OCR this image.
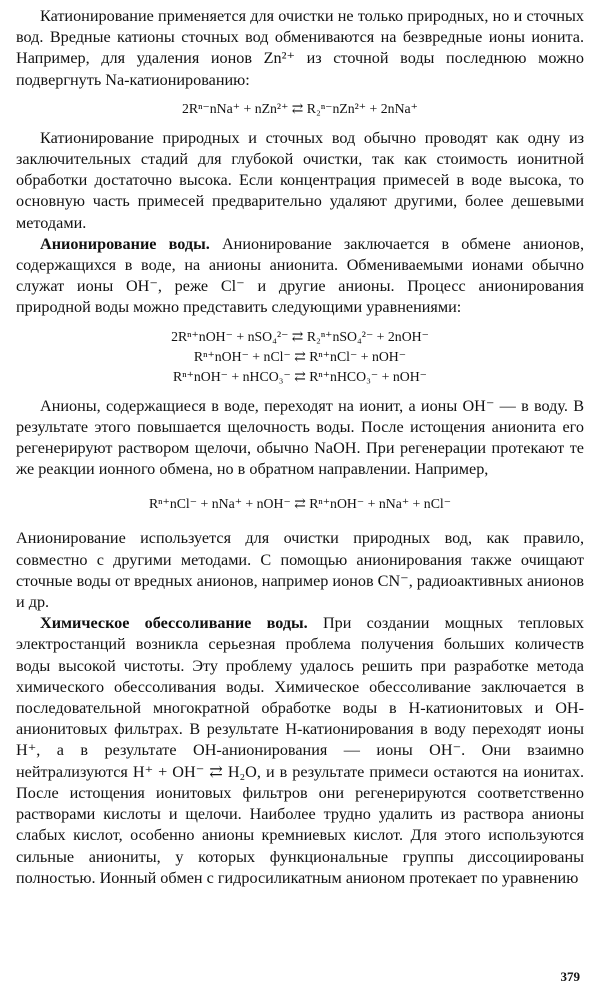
Катионирование применяется для очистки не только природных, но и сточных вод. Вредные катионы сточных вод обмениваются на безвредные ионы ионита. Например, для удаления ионов Zn²⁺ из сточной воды последнюю можно подвергнуть Na-катионированию:

2Rⁿ⁻nNa⁺ + nZn²⁺ ⇄ R₂ⁿ⁻nZn²⁺ + 2nNa⁺

Катионирование природных и сточных вод обычно проводят как одну из заключительных стадий для глубокой очистки, так как стоимость ионитной обработки достаточно высока. Если концентрация примесей в воде высока, то основную часть примесей предварительно удаляют другими, более дешевыми методами.

Анионирование воды. Анионирование заключается в обмене анионов, содержащихся в воде, на анионы анионита. Обмениваемыми ионами обычно служат ионы OH⁻, реже Cl⁻ и другие анионы. Процесс анионирования природной воды можно представить следующими уравнениями:

2Rⁿ⁺nOH⁻ + nSO₄²⁻ ⇄ R₂ⁿ⁺nSO₄²⁻ + 2nOH⁻

Rⁿ⁺nOH⁻ + nCl⁻ ⇄ Rⁿ⁺nCl⁻ + nOH⁻

Rⁿ⁺nOH⁻ + nHCO₃⁻ ⇄ Rⁿ⁺nHCO₃⁻ + nOH⁻

Анионы, содержащиеся в воде, переходят на ионит, а ионы OH⁻ — в воду. В результате этого повышается щелочность воды. После истощения анионита его регенерируют раствором щелочи, обычно NaOH. При регенерации протекают те же реакции ионного обмена, но в обратном направлении. Например,

Rⁿ⁺nCl⁻ + nNa⁺ + nOH⁻ ⇄ Rⁿ⁺nOH⁻ + nNa⁺ + nCl⁻

Анионирование используется для очистки природных вод, как правило, совместно с другими методами. С помощью анионирования также очищают сточные воды от вредных анионов, например ионов CN⁻, радиоактивных анионов и др.

Химическое обессоливание воды. При создании мощных тепловых электростанций возникла серьезная проблема получения больших количеств воды высокой чистоты. Эту проблему удалось решить при разработке метода химического обессоливания воды. Химическое обессоливание заключается в последовательной многократной обработке воды в H-катионитовых и OH-анионитовых фильтрах. В результате H-катионирования в воду переходят ионы H⁺, а в результате OH-анионирования — ионы OH⁻. Они взаимно нейтрализуются H⁺ + OH⁻ ⇄ H₂O, и в результате примеси остаются на ионитах. После истощения ионитовых фильтров они регенерируются соответственно растворами кислоты и щелочи. Наиболее трудно удалить из раствора анионы слабых кислот, особенно анионы кремниевых кислот. Для этого используются сильные аниониты, у которых функциональные группы диссоциированы полностью. Ионный обмен с гидросиликатным анионом протекает по уравнению

379
